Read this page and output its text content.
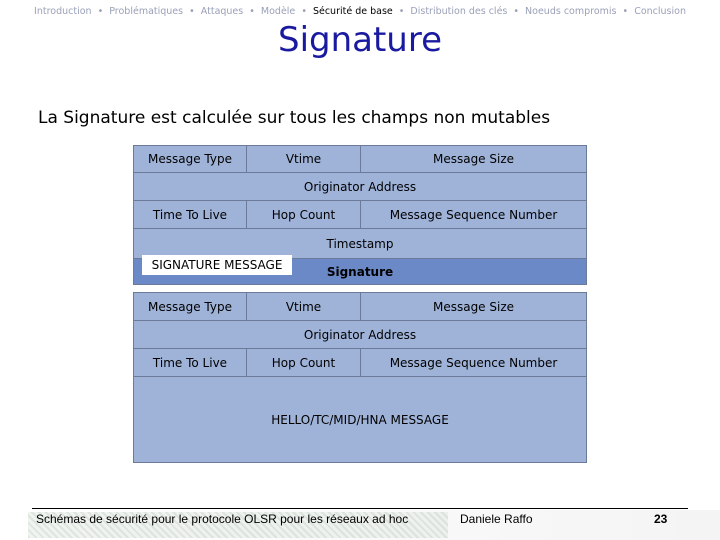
Introduction • Problématiques • Attaques • Modèle • Sécurité de base • Distribution des clés • Noeuds compromis • Conclusion
Signature
La Signature est calculée sur tous les champs non mutables
Message Type	Vtime	Message Size
Originator Address
Time To Live	Hop Count	Message Sequence Number
Timestamp
Signature
SIGNATURE MESSAGE
Message Type	Vtime	Message Size
Originator Address
Time To Live	Hop Count	Message Sequence Number
HELLO/TC/MID/HNA MESSAGE
Schémas de sécurité pour le protocole OLSR pour les réseaux ad hoc	Daniele Raffo	23
